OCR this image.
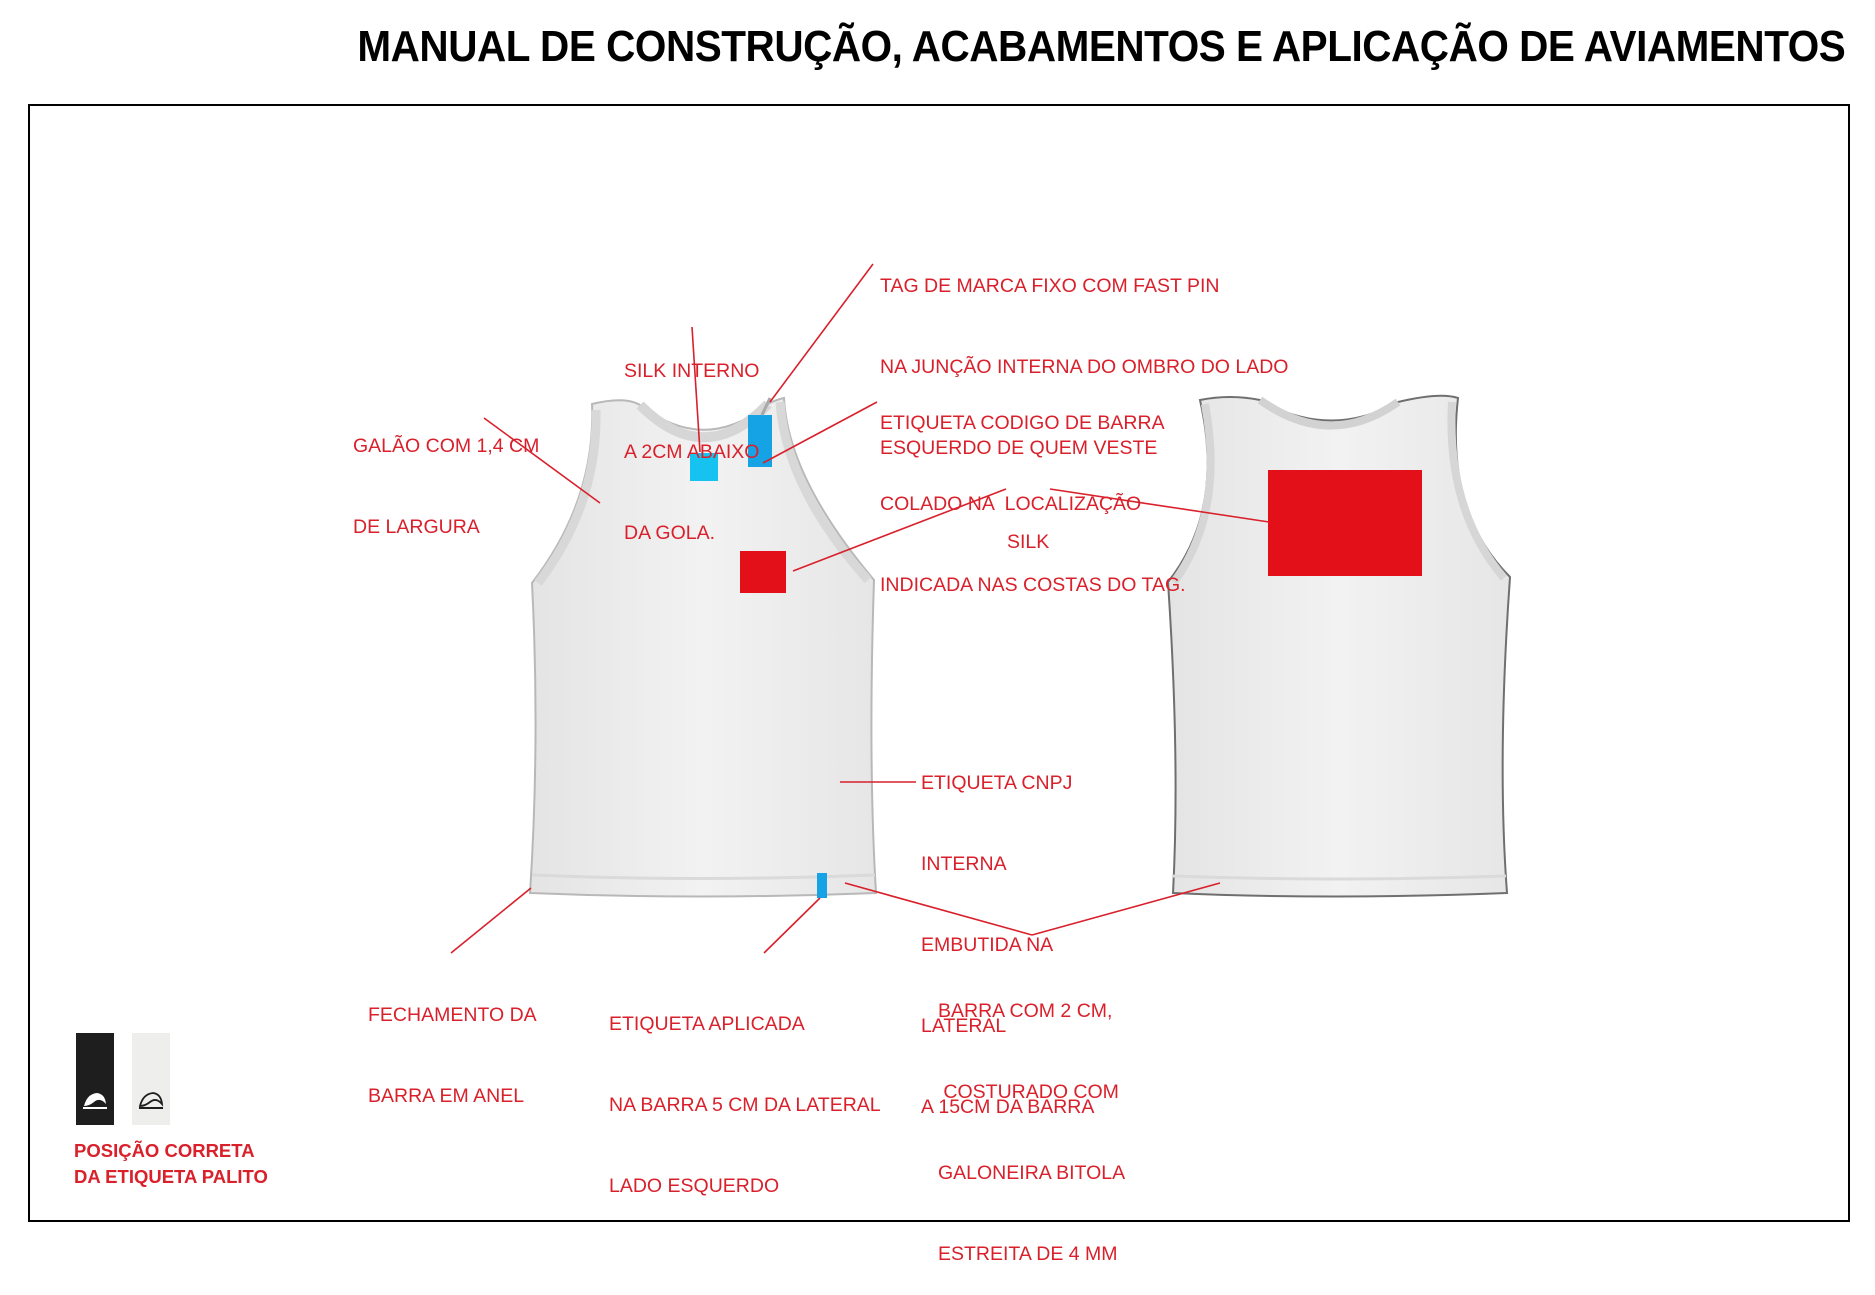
MANUAL DE CONSTRUÇÃO, ACABAMENTOS E APLICAÇÃO DE AVIAMENTOS

TAG DE MARCA FIXO COM FAST PIN

NA JUNÇÃO INTERNA DO OMBRO DO LADO

ESQUERDO DE QUEM VESTE

SILK INTERNO

A 2CM ABAIXO

DA GOLA.

GALÃO COM 1,4 CM

DE LARGURA

ETIQUETA CODIGO DE BARRA

COLADO NA  LOCALIZAÇÃO

INDICADA NAS COSTAS DO TAG.

SILK

ETIQUETA CNPJ

INTERNA

EMBUTIDA NA

LATERAL

A 15CM DA BARRA

FECHAMENTO DA

BARRA EM ANEL

ETIQUETA APLICADA

NA BARRA 5 CM DA LATERAL

LADO ESQUERDO

BARRA COM 2 CM,

COSTURADO COM

GALONEIRA BITOLA

ESTREITA DE 4 MM

POSIÇÃO CORRETA
DA ETIQUETA PALITO
